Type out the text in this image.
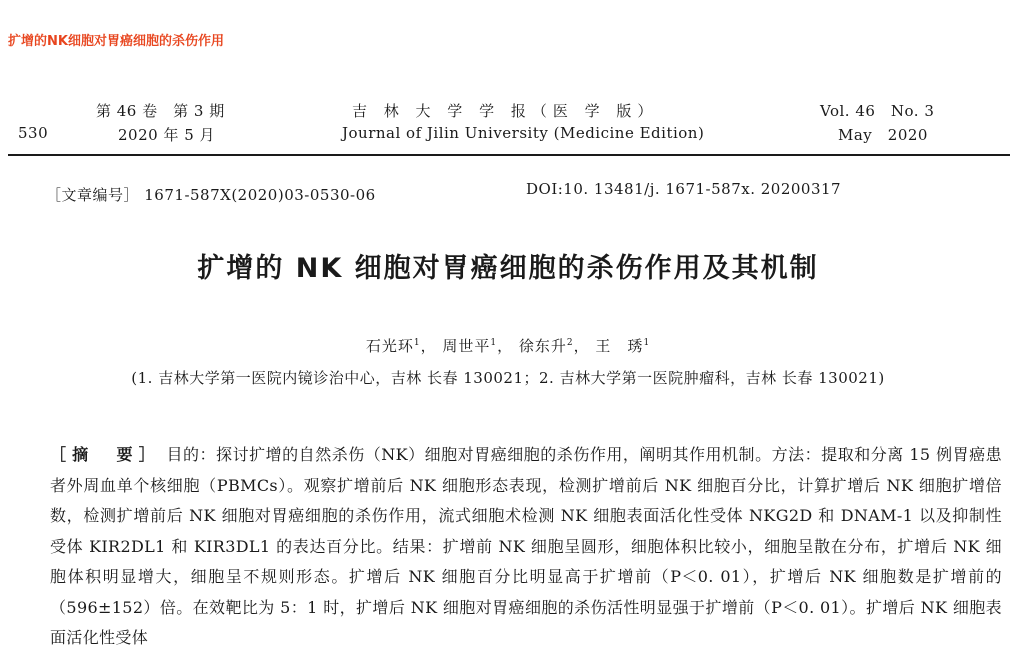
扩增的NK细胞对胃癌细胞的杀伤作用
530
第 46 卷　第 3 期
2020 年 5 月
吉 林 大 学 学 报（医 学 版）
Journal of Jilin University (Medicine Edition)
Vol. 46　No. 3
May　2020
［文章编号］ 1671-587Ⅹ(2020)03-0530-06	DOI:10. 13481/j. 1671-587x. 20200317
扩增的 NK 细胞对胃癌细胞的杀伤作用及其机制
石光环$^1$， 周世平$^1$， 徐东升$^2$， 王　琇$^1$
(1. 吉林大学第一医院内镜诊治中心，吉林 长春 130021；2. 吉林大学第一医院肿瘤科，吉林 长春 130021)
［摘　要］ 目的：探讨扩增的自然杀伤（NK）细胞对胃癌细胞的杀伤作用，阐明其作用机制。方法：提取和分离 15 例胃癌患者外周血单个核细胞（PBMCs）。观察扩增前后 NK 细胞形态表现，检测扩增前后 NK 细胞百分比，计算扩增后 NK 细胞扩增倍数，检测扩增前后 NK 细胞对胃癌细胞的杀伤作用，流式细胞术检测 NK 细胞表面活化性受体 NKG2D 和 DNAM-1 以及抑制性受体 KIR2DL1 和 KIR3DL1 的表达百分比。结果：扩增前 NK 细胞呈圆形，细胞体积比较小，细胞呈散在分布，扩增后 NK 细胞体积明显增大，细胞呈不规则形态。扩增后 NK 细胞百分比明显高于扩增前（P＜0. 01），扩增后 NK 细胞数是扩增前的（596±152）倍。在效靶比为 5：1 时，扩增后 NK 细胞对胃癌细胞的杀伤活性明显强于扩增前（P＜0. 01）。扩增后 NK 细胞表面活化性受体
